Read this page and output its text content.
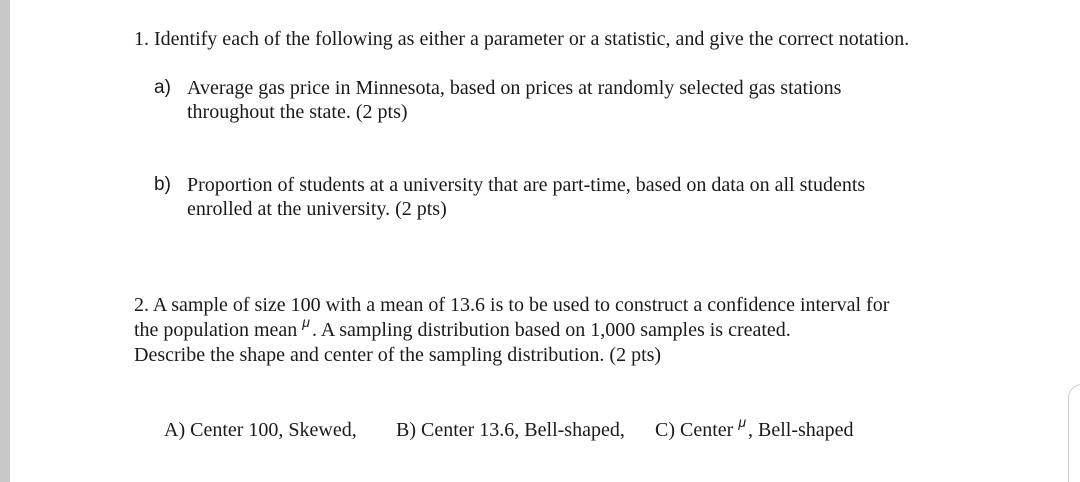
1. Identify each of the following as either a parameter or a statistic, and give the correct notation.
a) Average gas price in Minnesota, based on prices at randomly selected gas stations
throughout the state. (2 pts)
b) Proportion of students at a university that are part-time, based on data on all students
enrolled at the university. (2 pts)
2. A sample of size 100 with a mean of 13.6 is to be used to construct a confidence interval for
the population mean μ . A sampling distribution based on 1,000 samples is created.
Describe the shape and center of the sampling distribution. (2 pts)
A) Center 100, Skewed, B) Center 13.6, Bell-shaped, C) Center μ , Bell-shaped
